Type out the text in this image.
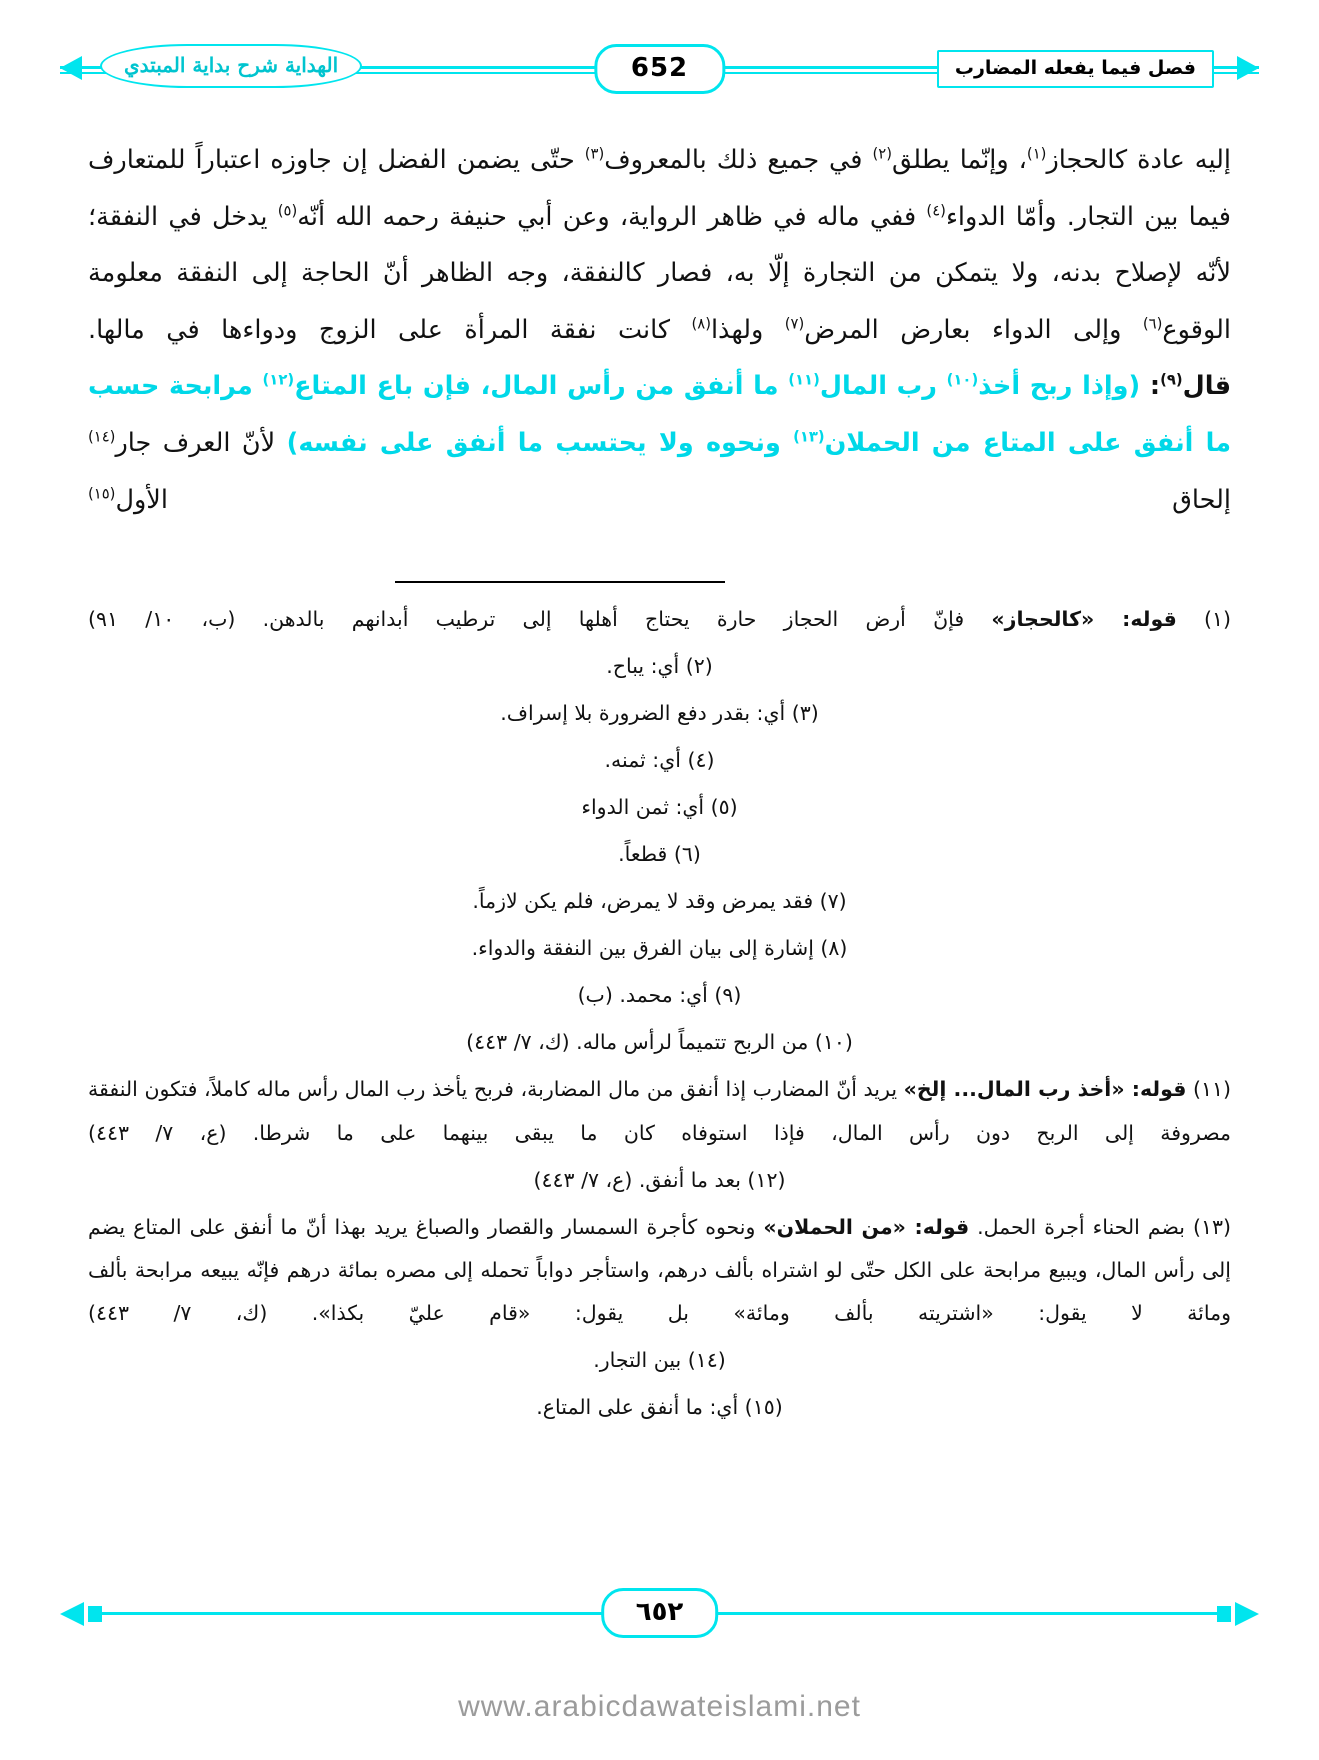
فصل فيما يفعله المضارب
652
الهداية شرح بداية المبتدي

إليه عادة كالحجاز$^{(١)}$، وإنّما يطلق$^{(٢)}$ في جميع ذلك بالمعروف$^{(٣)}$ حتّى يضمن الفضل إن جاوزه اعتباراً للمتعارف فيما بين التجار. وأمّا الدواء$^{(٤)}$ ففي ماله في ظاهر الرواية، وعن أبي حنيفة رحمه الله أنّه$^{(٥)}$ يدخل في النفقة؛ لأنّه لإصلاح بدنه، ولا يتمكن من التجارة إلّا به، فصار كالنفقة، وجه الظاهر أنّ الحاجة إلى النفقة معلومة الوقوع$^{(٦)}$ وإلى الدواء بعارض المرض$^{(٧)}$ ولهذا$^{(٨)}$ كانت نفقة المرأة على الزوج ودواءها في مالها.

قال$^{(٩)}$: (وإذا ربح أخذ$^{(١٠)}$ رب المال$^{(١١)}$ ما أنفق من رأس المال، فإن باع المتاع$^{(١٢)}$ مرابحة حسب ما أنفق على المتاع من الحملان$^{(١٣)}$ ونحوه ولا يحتسب ما أنفق على نفسه) لأنّ العرف جار$^{(١٤)}$ إلحاق الأول$^{(١٥)}$

(١) قوله: «كالحجاز» فإنّ أرض الحجاز حارة يحتاج أهلها إلى ترطيب أبدانهم بالدهن. (ب، ١٠/ ٩١)

(٢) أي: يباح.

(٣) أي: بقدر دفع الضرورة بلا إسراف.

(٤) أي: ثمنه.

(٥) أي: ثمن الدواء

(٦) قطعاً.

(٧) فقد يمرض وقد لا يمرض، فلم يكن لازماً.

(٨) إشارة إلى بيان الفرق بين النفقة والدواء.

(٩) أي: محمد. (ب)

(١٠) من الربح تتميماً لرأس ماله. (ك، ٧/ ٤٤٣)

(١١) قوله: «أخذ رب المال... إلخ» يريد أنّ المضارب إذا أنفق من مال المضاربة، فربح يأخذ رب المال رأس ماله كاملاً، فتكون النفقة مصروفة إلى الربح دون رأس المال، فإذا استوفاه كان ما يبقى بينهما على ما شرطا. (ع، ٧/ ٤٤٣)

(١٢) بعد ما أنفق. (ع، ٧/ ٤٤٣)

(١٣) بضم الحناء أجرة الحمل. قوله: «من الحملان» ونحوه كأجرة السمسار والقصار والصباغ يريد بهذا أنّ ما أنفق على المتاع يضم إلى رأس المال، ويبيع مرابحة على الكل حتّى لو اشتراه بألف درهم، واستأجر دواباً تحمله إلى مصره بمائة درهم فإنّه يبيعه مرابحة بألف ومائة لا يقول: «اشتريته بألف ومائة» بل يقول: «قام عليّ بكذا». (ك، ٧/ ٤٤٣)

(١٤) بين التجار.

(١٥) أي: ما أنفق على المتاع.

٦٥٢
www.arabicdawateislami.net
